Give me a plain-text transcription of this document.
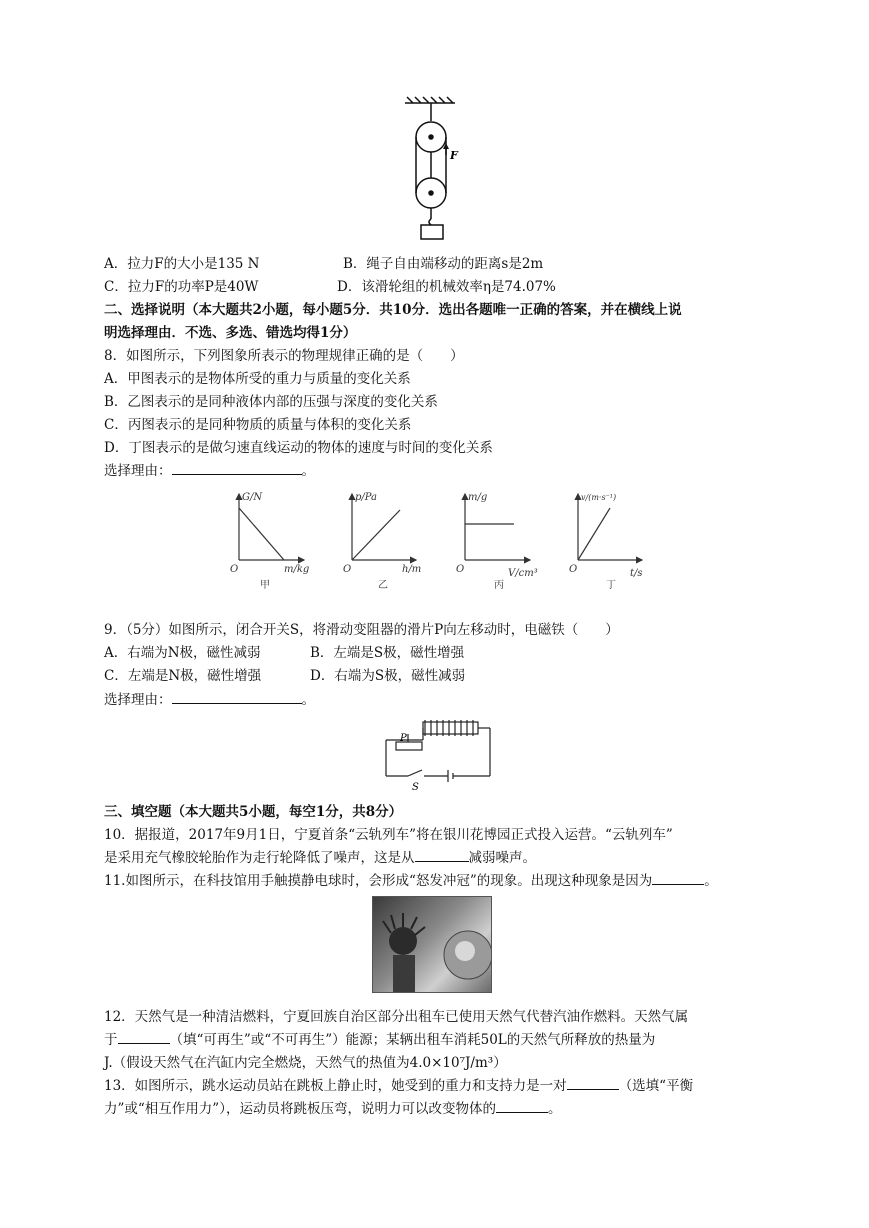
F
A．拉力F的大小是135 N	B．绳子自由端移动的距离s是2m
C．拉力F的功率P是40W	D．该滑轮组的机械效率η是74.07%
二、选择说明（本大题共2小题，每小题5分．共10分．选出各题唯一正确的答案，并在横线上说
明选择理由．不选、多选、错选均得1分）
8．如图所示，下列图象所表示的物理规律正确的是（　　）
A．甲图表示的是物体所受的重力与质量的变化关系
B．乙图表示的是同种液体内部的压强与深度的变化关系
C．丙图表示的是同种物质的质量与体积的变化关系
D．丁图表示的是做匀速直线运动的物体的速度与时间的变化关系
选择理由：	。
G/N
m/kg
O
甲
p/Pa
h/m
O
乙
m/g
V/cm³
O
丙
v/(m·s⁻¹)
t/s
O
丁
9．（5分）如图所示，闭合开关S，将滑动变阻器的滑片P向左移动时，电磁铁（　　）
A．右端为N极，磁性减弱	B．左端是S极，磁性增强
C．左端是N极，磁性增强	D．右端为S极，磁性减弱
选择理由：	。
P
S
三、填空题（本大题共5小题，每空1分，共8分）
10．据报道，2017年9月1日，宁夏首条“云轨列车”将在银川花博园正式投入运营。“云轨列车”
是采用充气橡胶轮胎作为走行轮降低了噪声，这是从	减弱噪声。
11.如图所示，在科技馆用手触摸静电球时，会形成“怒发冲冠”的现象。出现这种现象是因为	。
12．天然气是一种清洁燃料，宁夏回族自治区部分出租车已使用天然气代替汽油作燃料。天然气属
于	（填“可再生”或“不可再生”）能源；某辆出租车消耗50L的天然气所释放的热量为
J.（假设天然气在汽缸内完全燃烧，天然气的热值为4.0×10⁷J/m³）
13．如图所示，跳水运动员站在跳板上静止时，她受到的重力和支持力是一对	（选填“平衡
力”或“相互作用力”），运动员将跳板压弯，说明力可以改变物体的	。
